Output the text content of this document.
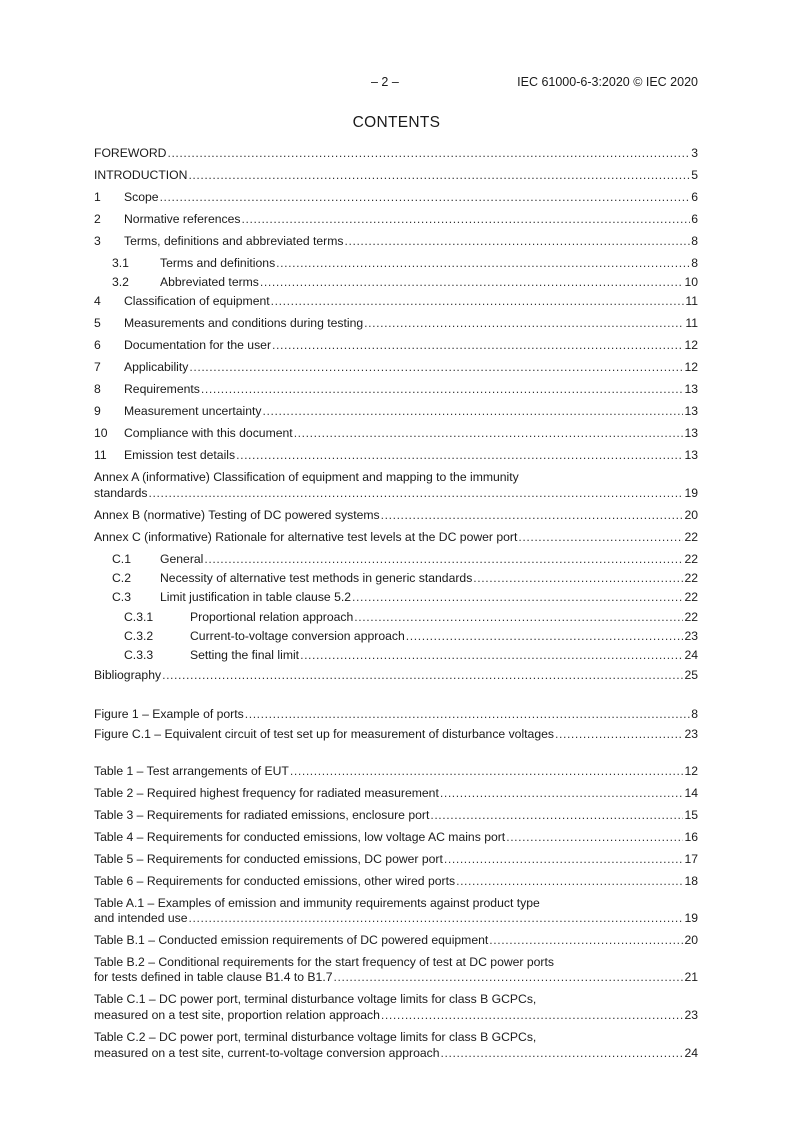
– 2 –	IEC 61000-6-3:2020 © IEC 2020
CONTENTS
FOREWORD .....	3
INTRODUCTION .....	5
1	Scope .....	6
2	Normative references .....	6
3	Terms, definitions and abbreviated terms .....	8
3.1	Terms and definitions .....	8
3.2	Abbreviated terms .....	10
4	Classification of equipment .....	11
5	Measurements and conditions during testing .....	11
6	Documentation for the user .....	12
7	Applicability .....	12
8	Requirements .....	13
9	Measurement uncertainty .....	13
10	Compliance with this document .....	13
11	Emission test details .....	13
Annex A (informative) Classification of equipment and mapping to the immunity
standards .....	19
Annex B (normative) Testing of DC powered systems .....	20
Annex C (informative) Rationale for alternative test levels at the DC power port .....	22
C.1	General .....	22
C.2	Necessity of alternative test methods in generic standards .....	22
C.3	Limit justification in table clause 5.2 .....	22
C.3.1	Proportional relation approach .....	22
C.3.2	Current-to-voltage conversion approach .....	23
C.3.3	Setting the final limit .....	24
Bibliography .....	25
Figure 1 – Example of ports .....	8
Figure C.1 – Equivalent circuit of test set up for measurement of disturbance voltages .....	23
Table 1 – Test arrangements of EUT .....	12
Table 2 – Required highest frequency for radiated measurement .....	14
Table 3 – Requirements for radiated emissions, enclosure port .....	15
Table 4 – Requirements for conducted emissions, low voltage AC mains port .....	16
Table 5 – Requirements for conducted emissions, DC power port .....	17
Table 6 – Requirements for conducted emissions, other wired ports .....	18
Table A.1 – Examples of emission and immunity requirements against product type
and intended use .....	19
Table B.1 – Conducted emission requirements of DC powered equipment .....	20
Table B.2 – Conditional requirements for the start frequency of test at DC power ports
for tests defined in table clause B1.4 to B1.7 .....	21
Table C.1 – DC power port, terminal disturbance voltage limits for class B GCPCs,
measured on a test site, proportion relation approach .....	23
Table C.2 – DC power port, terminal disturbance voltage limits for class B GCPCs,
measured on a test site, current-to-voltage conversion approach .....	24
